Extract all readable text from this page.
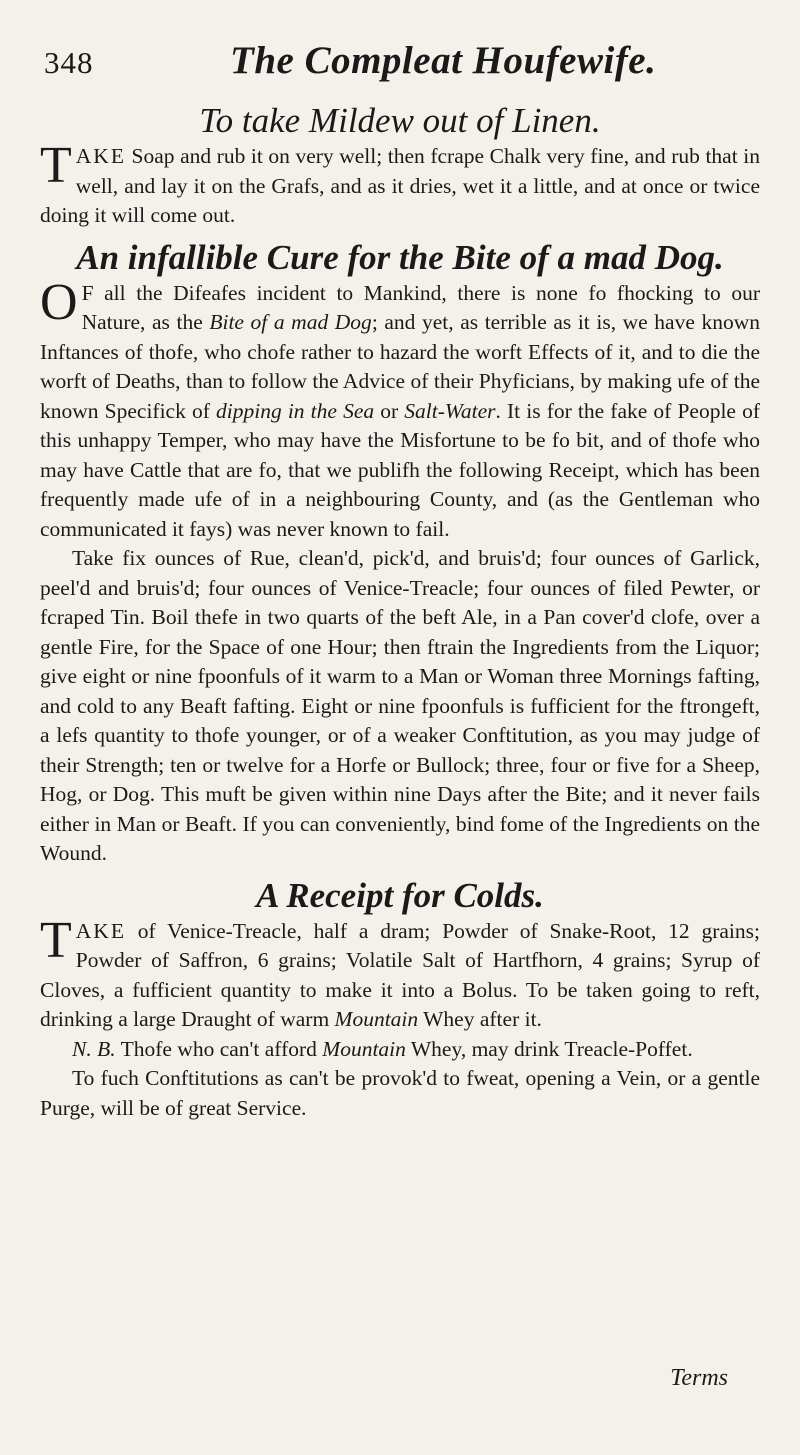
348	The Compleat Houfewife.
To take Mildew out of Linen.

TAKE Soap and rub it on very well; then fcrape Chalk very fine, and rub that in well, and lay it on the Grafs, and as it dries, wet it a little, and at once or twice doing it will come out.

An infallible Cure for the Bite of a mad Dog.

O F all the Difeafes incident to Mankind, there is none fo fhocking to our Nature, as the Bite of a mad Dog; and yet, as terrible as it is, we have known Inftances of thofe, who chofe rather to hazard the worft Effects of it, and to die the worft of Deaths, than to follow the Advice of their Phyficians, by making ufe of the known Specifick of dipping in the Sea or Salt-Water. It is for the fake of People of this unhappy Temper, who may have the Misfortune to be fo bit, and of thofe who may have Cattle that are fo, that we publifh the following Receipt, which has been frequently made ufe of in a neighbouring County, and (as the Gentleman who communicated it fays) was never known to fail.

Take fix ounces of Rue, clean'd, pick'd, and bruis'd; four ounces of Garlick, peel'd and bruis'd; four ounces of Venice-Treacle; four ounces of filed Pewter, or fcraped Tin. Boil thefe in two quarts of the beft Ale, in a Pan cover'd clofe, over a gentle Fire, for the Space of one Hour; then ftrain the Ingredients from the Liquor; give eight or nine fpoonfuls of it warm to a Man or Woman three Mornings fafting, and cold to any Beaft fafting. Eight or nine fpoonfuls is fufficient for the ftrongeft, a lefs quantity to thofe younger, or of a weaker Conftitution, as you may judge of their Strength; ten or twelve for a Horfe or Bullock; three, four or five for a Sheep, Hog, or Dog. This muft be given within nine Days after the Bite; and it never fails either in Man or Beaft. If you can conveniently, bind fome of the Ingredients on the Wound.

A Receipt for Colds.

TAKE of Venice-Treacle, half a dram; Powder of Snake-Root, 12 grains; Powder of Saffron, 6 grains; Volatile Salt of Hartfhorn, 4 grains; Syrup of Cloves, a fufficient quantity to make it into a Bolus. To be taken going to reft, drinking a large Draught of warm Mountain Whey after it.

N. B. Thofe who can't afford Mountain Whey, may drink Treacle-Poffet.

To fuch Conftitutions as can't be provok'd to fweat, opening a Vein, or a gentle Purge, will be of great Service.

Terms
